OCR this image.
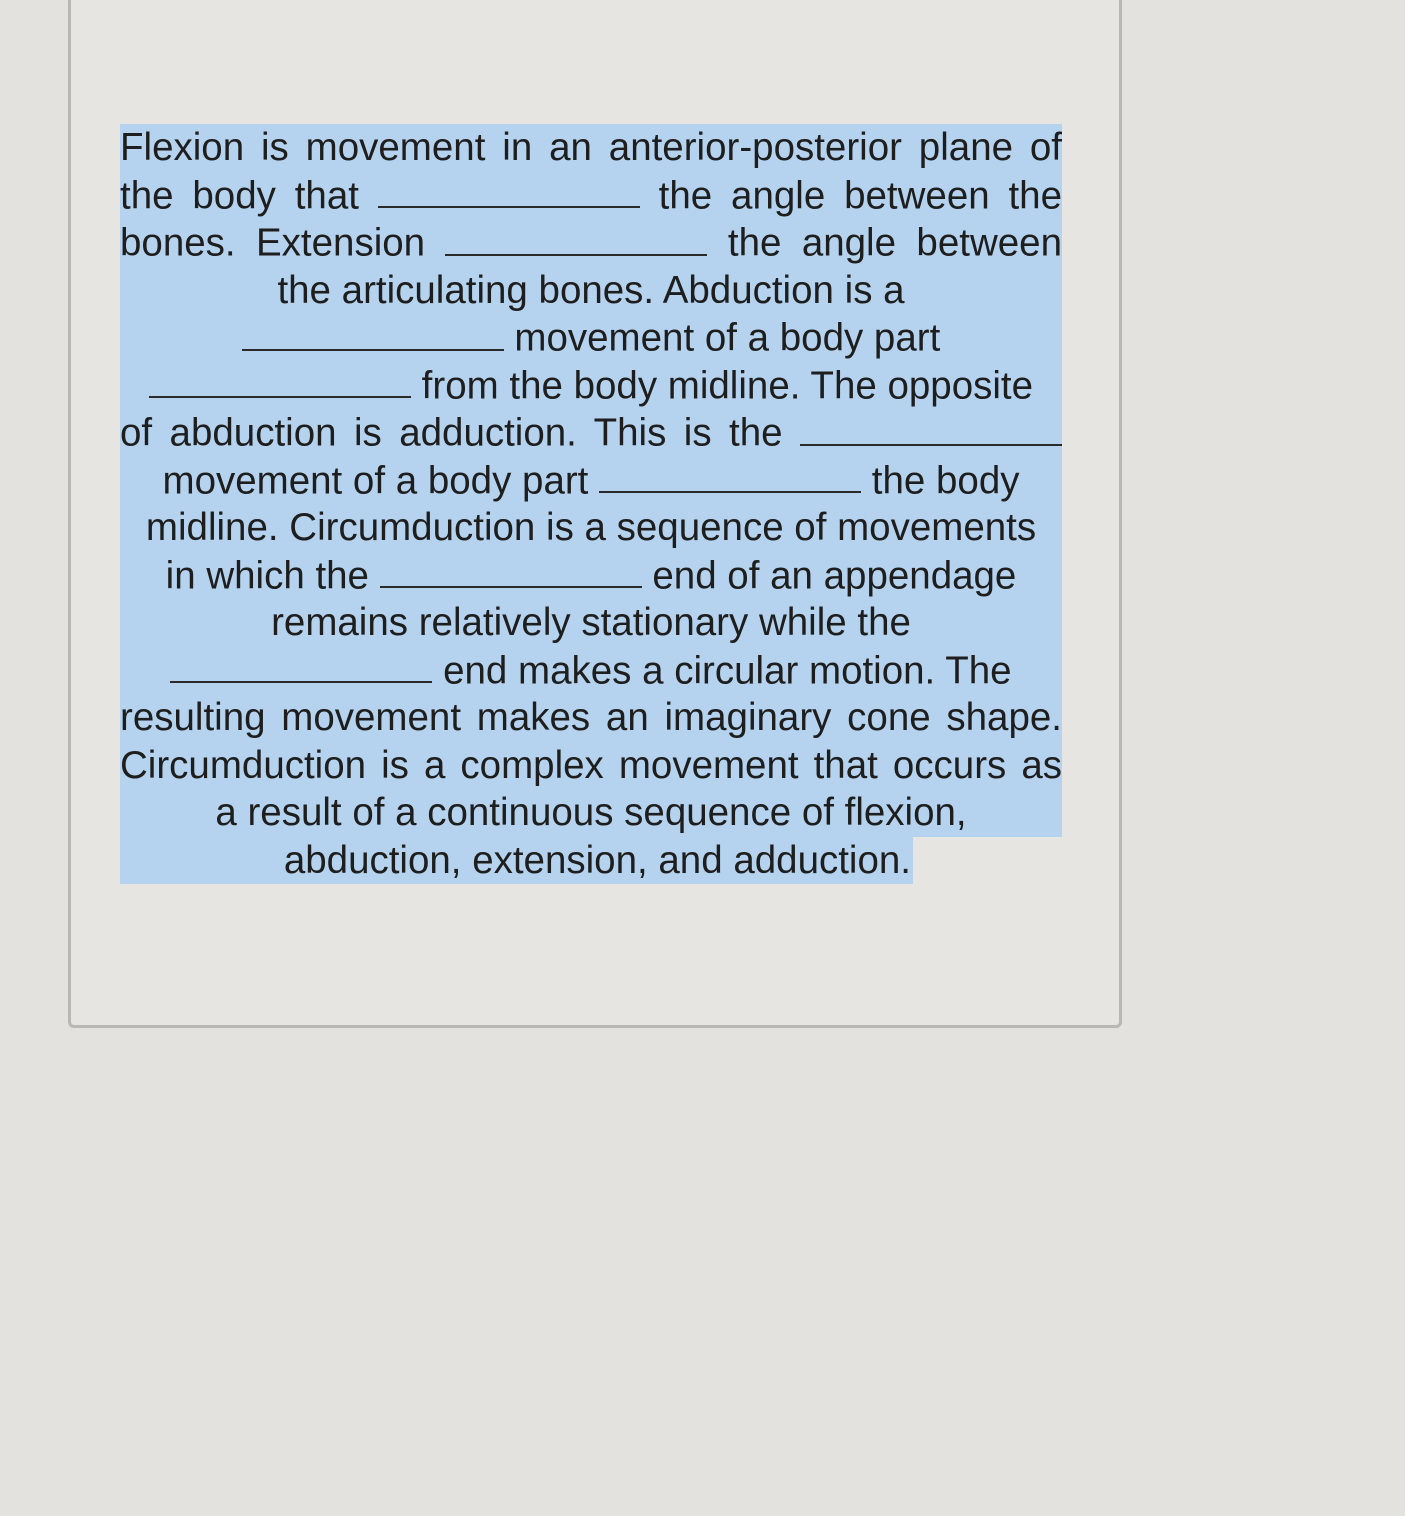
Flexion is movement in an anterior-posterior plane of
the body that	the angle between the
bones. Extension	the angle between
the articulating bones. Abduction is a
movement of a body part
from the body midline. The opposite
of abduction is adduction. This is the
movement of a body part	the body
midline. Circumduction is a sequence of movements
in which the	end of an appendage
remains relatively stationary while the
end makes a circular motion. The
resulting movement makes an imaginary cone shape.
Circumduction is a complex movement that occurs as
a result of a continuous sequence of flexion,
abduction, extension, and adduction.
